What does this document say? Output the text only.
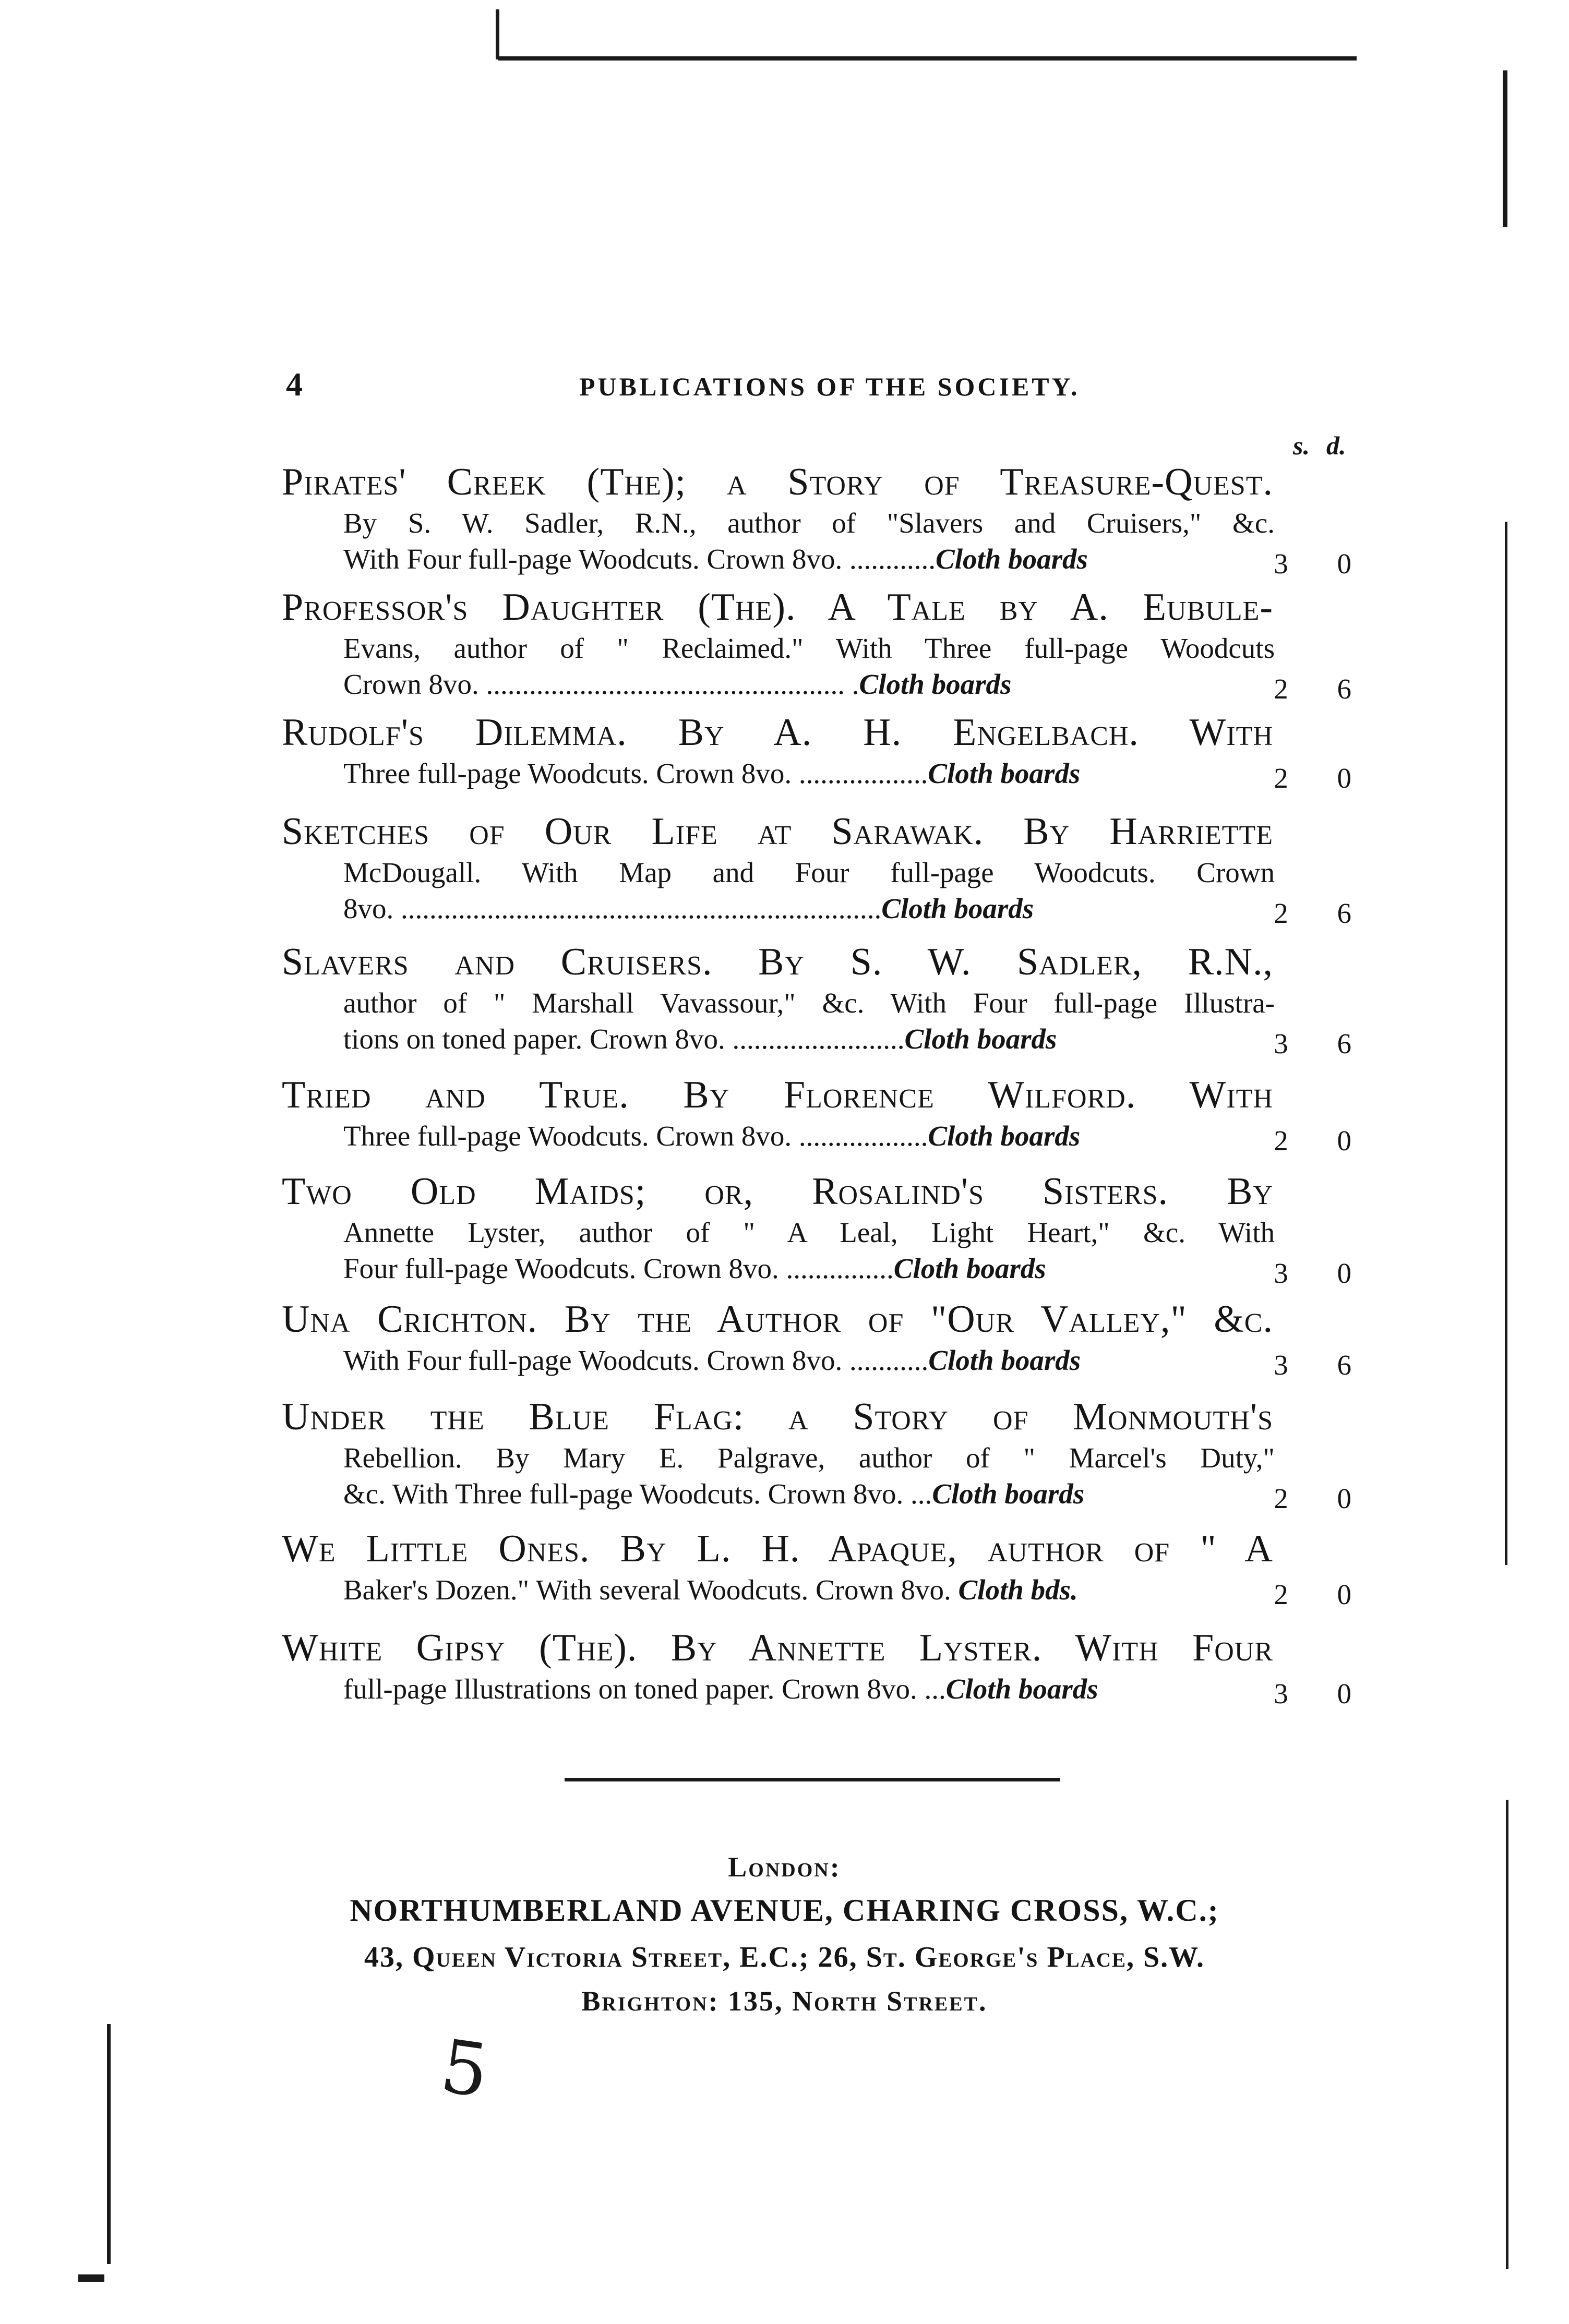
4	PUBLICATIONS OF THE SOCIETY.
s. d.
Pirates' Creek (The); a Story of Treasure-Quest.
By S. W. Sadler, R.N., author of "Slavers and Cruisers," &c.
With Four full-page Woodcuts. Crown 8vo. ............Cloth boards	3 0
Professor's Daughter (The). A Tale by A. Eubule-
Evans, author of " Reclaimed." With Three full-page Woodcuts
Crown 8vo. .................................................. .Cloth boards	2 6
Rudolf's Dilemma. By A. H. Engelbach. With
Three full-page Woodcuts. Crown 8vo. ..................Cloth boards	2 0
Sketches of Our Life at Sarawak. By Harriette
McDougall. With Map and Four full-page Woodcuts. Crown
8vo. ...................................................................Cloth boards	2 6
Slavers and Cruisers. By S. W. Sadler, R.N.,
author of " Marshall Vavassour," &c. With Four full-page Illustra-
tions on toned paper. Crown 8vo. ........................Cloth boards	3 6
Tried and True. By Florence Wilford. With
Three full-page Woodcuts. Crown 8vo. ..................Cloth boards	2 0
Two Old Maids; or, Rosalind's Sisters. By
Annette Lyster, author of " A Leal, Light Heart," &c. With
Four full-page Woodcuts. Crown 8vo. ...............Cloth boards	3 0
Una Crichton. By the Author of "Our Valley," &c.
With Four full-page Woodcuts. Crown 8vo. ...........Cloth boards	3 6
Under the Blue Flag: a Story of Monmouth's
Rebellion. By Mary E. Palgrave, author of " Marcel's Duty,"
&c. With Three full-page Woodcuts. Crown 8vo. ...Cloth boards	2 0
We Little Ones. By L. H. Apaque, author of " A
Baker's Dozen." With several Woodcuts. Crown 8vo. Cloth bds.	2 0
White Gipsy (The). By Annette Lyster. With Four
full-page Illustrations on toned paper. Crown 8vo. ...Cloth boards	3 0
London:
NORTHUMBERLAND AVENUE, CHARING CROSS, W.C.;
43, Queen Victoria Street, E.C.; 26, St. George's Place, S.W.
Brighton: 135, North Street.
5
